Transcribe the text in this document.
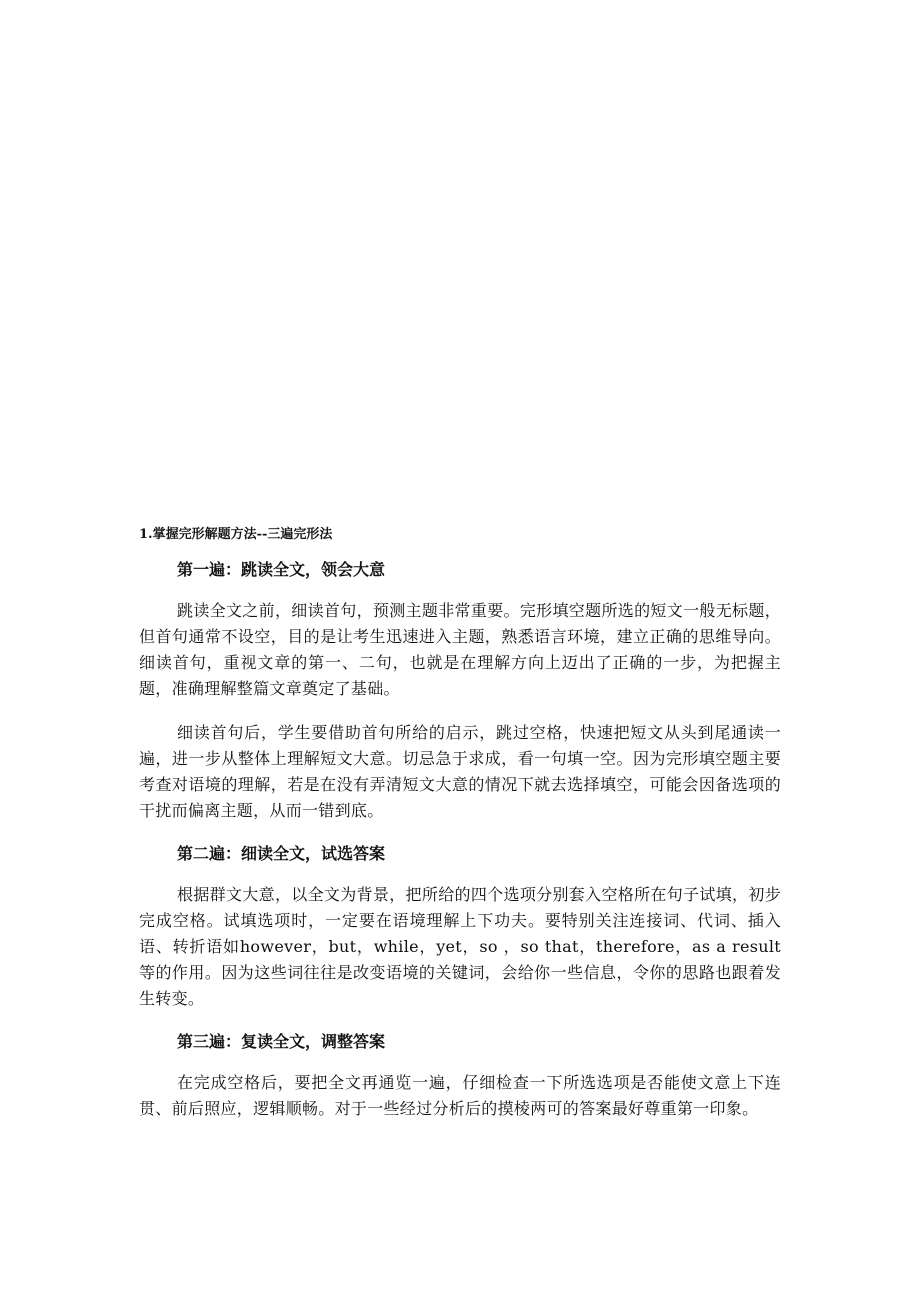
1.掌握完形解题方法--三遍完形法
第一遍：跳读全文，领会大意

跳读全文之前，细读首句，预测主题非常重要。完形填空题所选的短文一般无标题，但首句通常不设空，目的是让考生迅速进入主题，熟悉语言环境，建立正确的思维导向。细读首句，重视文章的第一、二句，也就是在理解方向上迈出了正确的一步，为把握主题，准确理解整篇文章奠定了基础。

细读首句后，学生要借助首句所给的启示，跳过空格，快速把短文从头到尾通读一遍，进一步从整体上理解短文大意。切忌急于求成，看一句填一空。因为完形填空题主要考查对语境的理解，若是在没有弄清短文大意的情况下就去选择填空，可能会因备选项的干扰而偏离主题，从而一错到底。

第二遍：细读全文，试选答案

根据群文大意，以全文为背景，把所给的四个选项分别套入空格所在句子试填，初步完成空格。试填选项时，一定要在语境理解上下功夫。要特别关注连接词、代词、插入语、转折语如however，but，while，yet，so ，so that，therefore，as a result等的作用。因为这些词往往是改变语境的关键词，会给你一些信息，令你的思路也跟着发生转变。

第三遍：复读全文，调整答案

在完成空格后，要把全文再通览一遍，仔细检查一下所选选项是否能使文意上下连贯、前后照应，逻辑顺畅。对于一些经过分析后的摸棱两可的答案最好尊重第一印象。
